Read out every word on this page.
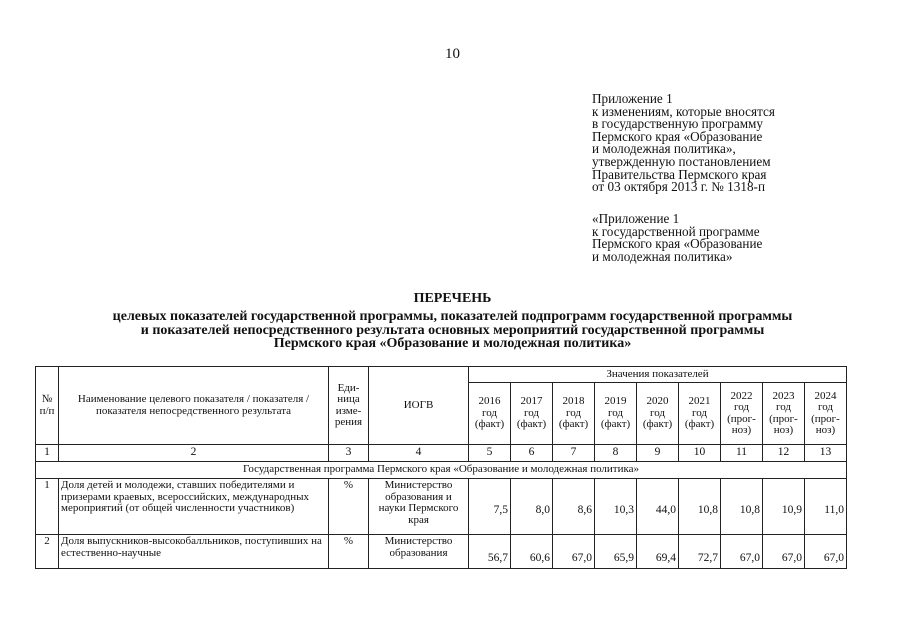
10
Приложение 1
к изменениям, которые вносятся
в государственную программу
Пермского края «Образование
и молодежная политика»,
утвержденную постановлением
Правительства Пермского края
от 03 октября 2013 г. № 1318-п
«Приложение 1
к государственной программе
Пермского края «Образование
и молодежная политика»
ПЕРЕЧЕНЬ
целевых показателей государственной программы, показателей подпрограмм государственной программы
и показателей непосредственного результата основных мероприятий государственной программы
Пермского края «Образование и молодежная политика»
№ п/п	Наименование целевого показателя / показателя / показателя непосредственного результата	Еди-ница изме-рения	ИОГВ	Значения показателей								
				2016 год (факт)	2017 год (факт)	2018 год (факт)	2019 год (факт)	2020 год (факт)	2021 год (факт)	2022 год (прог-ноз)	2023 год (прог-ноз)	2024 год (прог-ноз)
1	2	3	4	5	6	7	8	9	10	11	12	13
Государственная программа Пермского края «Образование и молодежная политика»												
1	Доля детей и молодежи, ставших победителями и призерами краевых, всероссийских, международных мероприятий (от общей численности участников)	%	Министерство образования и науки Пермского края	7,5	8,0	8,6	10,3	44,0	10,8	10,8	10,9	11,0
2	Доля выпускников-высокобалльников, поступивших на естественно-научные	%	Министерство образования	56,7	60,6	67,0	65,9	69,4	72,7	67,0	67,0	67,0
